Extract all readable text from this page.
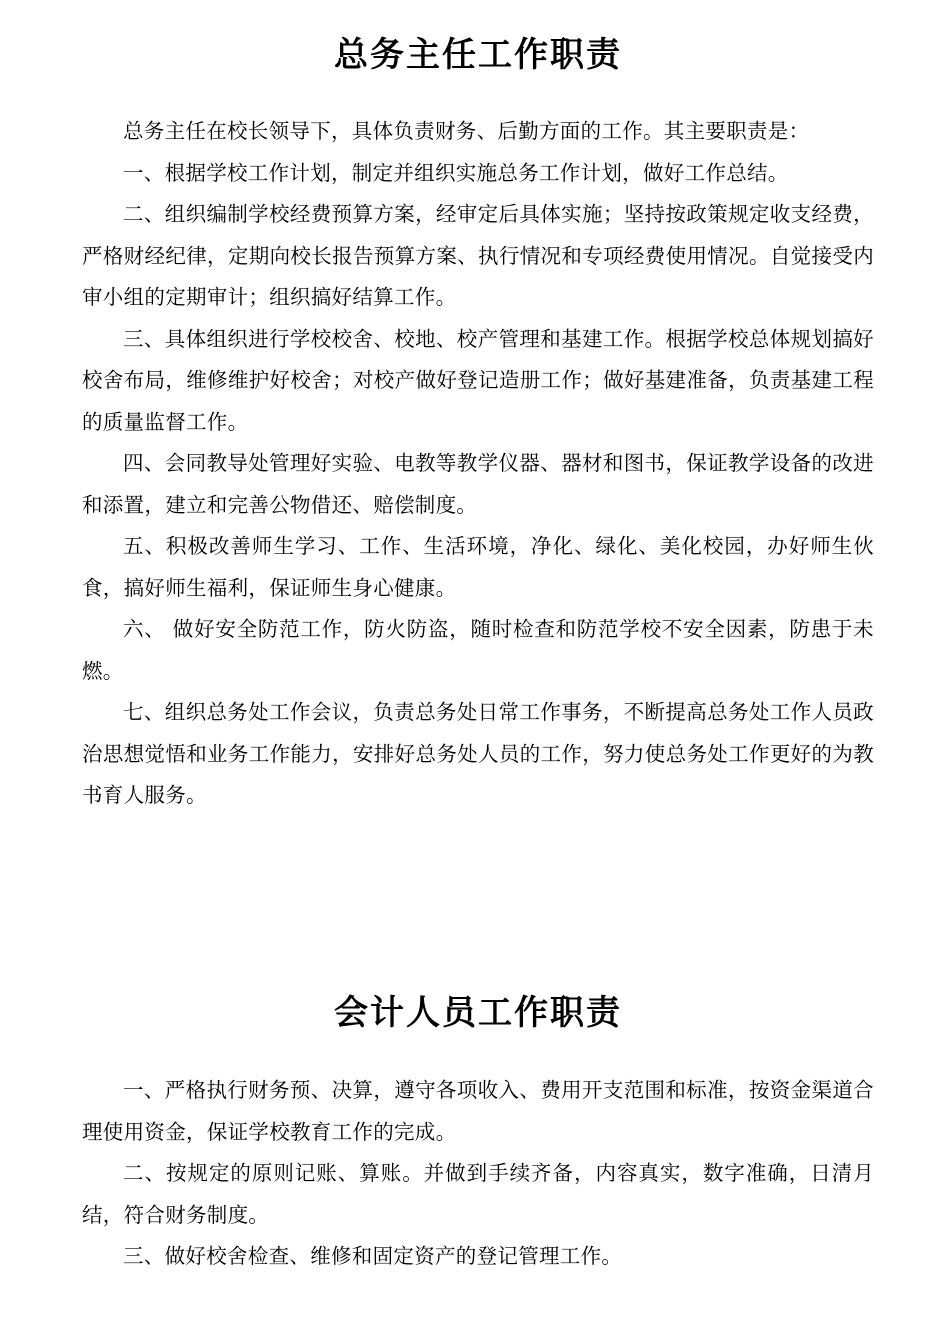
总务主任工作职责

总务主任在校长领导下，具体负责财务、后勤方面的工作。其主要职责是：

一、根据学校工作计划，制定并组织实施总务工作计划，做好工作总结。

二、组织编制学校经费预算方案，经审定后具体实施；坚持按政策规定收支经费，严格财经纪律，定期向校长报告预算方案、执行情况和专项经费使用情况。自觉接受内审小组的定期审计；组织搞好结算工作。

三、具体组织进行学校校舍、校地、校产管理和基建工作。根据学校总体规划搞好校舍布局，维修维护好校舍；对校产做好登记造册工作；做好基建准备，负责基建工程的质量监督工作。

四、会同教导处管理好实验、电教等教学仪器、器材和图书，保证教学设备的改进和添置，建立和完善公物借还、赔偿制度。

五、积极改善师生学习、工作、生活环境，净化、绿化、美化校园，办好师生伙食，搞好师生福利，保证师生身心健康。

六、 做好安全防范工作，防火防盗，随时检查和防范学校不安全因素，防患于未燃。

七、组织总务处工作会议，负责总务处日常工作事务，不断提高总务处工作人员政治思想觉悟和业务工作能力，安排好总务处人员的工作，努力使总务处工作更好的为教书育人服务。

会计人员工作职责

一、严格执行财务预、决算，遵守各项收入、费用开支范围和标准，按资金渠道合理使用资金，保证学校教育工作的完成。

二、按规定的原则记账、算账。并做到手续齐备，内容真实，数字准确，日清月结，符合财务制度。

三、做好校舍检查、维修和固定资产的登记管理工作。
